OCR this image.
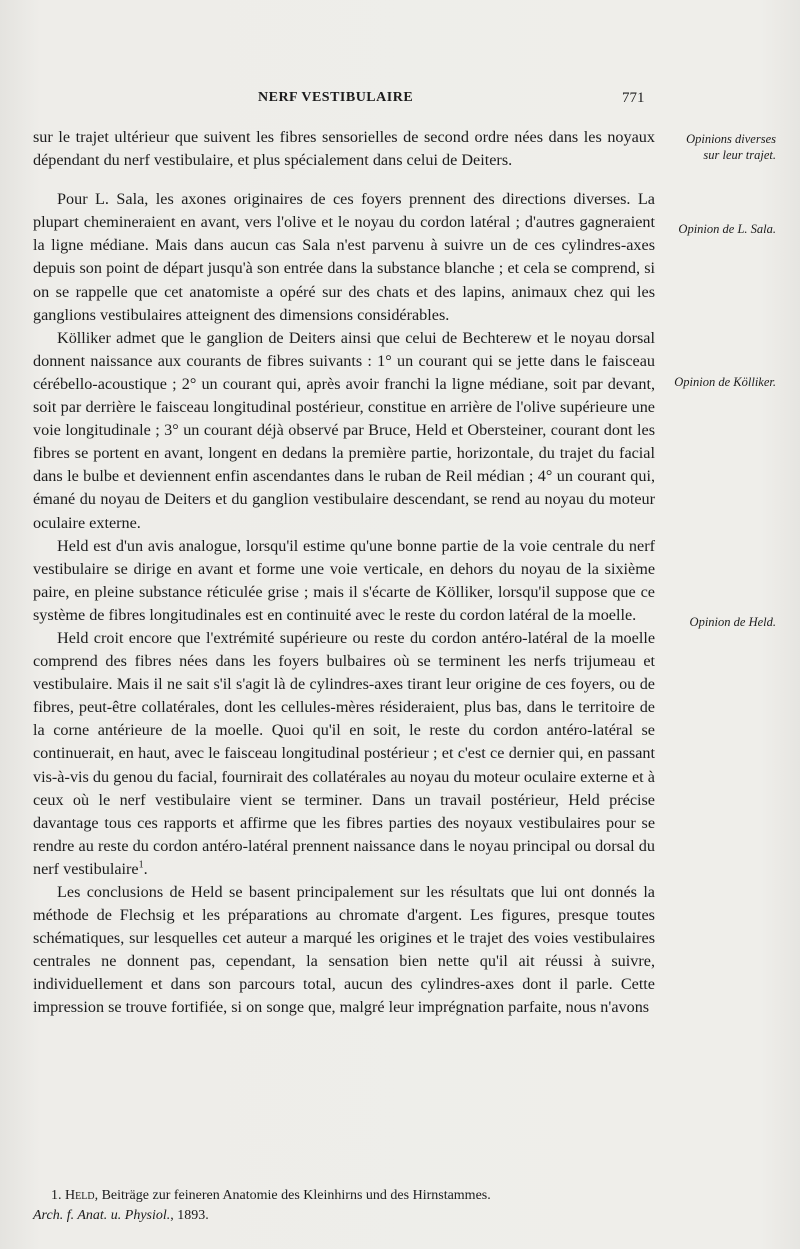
NERF VESTIBULAIRE	771

sur le trajet ultérieur que suivent les fibres sensorielles de second ordre nées dans les noyaux dépendant du nerf vestibulaire, et plus spécialement dans celui de Deiters.

Pour L. Sala, les axones originaires de ces foyers prennent des directions diverses. La plupart chemineraient en avant, vers l'olive et le noyau du cordon latéral ; d'autres gagneraient la ligne médiane. Mais dans aucun cas Sala n'est parvenu à suivre un de ces cylindres-axes depuis son point de départ jusqu'à son entrée dans la substance blanche ; et cela se comprend, si on se rappelle que cet anatomiste a opéré sur des chats et des lapins, animaux chez qui les ganglions vestibulaires atteignent des dimensions considérables.

Kölliker admet que le ganglion de Deiters ainsi que celui de Bechterew et le noyau dorsal donnent naissance aux courants de fibres suivants : 1° un courant qui se jette dans le faisceau cérébello-acoustique ; 2° un courant qui, après avoir franchi la ligne médiane, soit par devant, soit par derrière le faisceau longitudinal postérieur, constitue en arrière de l'olive supérieure une voie longitudinale ; 3° un courant déjà observé par Bruce, Held et Obersteiner, courant dont les fibres se portent en avant, longent en dedans la première partie, horizontale, du trajet du facial dans le bulbe et deviennent enfin ascendantes dans le ruban de Reil médian ; 4° un courant qui, émané du noyau de Deiters et du ganglion vestibulaire descendant, se rend au noyau du moteur oculaire externe.

Held est d'un avis analogue, lorsqu'il estime qu'une bonne partie de la voie centrale du nerf vestibulaire se dirige en avant et forme une voie verticale, en dehors du noyau de la sixième paire, en pleine substance réticulée grise ; mais il s'écarte de Kölliker, lorsqu'il suppose que ce système de fibres longitudinales est en continuité avec le reste du cordon latéral de la moelle.

Held croit encore que l'extrémité supérieure ou reste du cordon antéro-latéral de la moelle comprend des fibres nées dans les foyers bulbaires où se terminent les nerfs trijumeau et vestibulaire. Mais il ne sait s'il s'agit là de cylindres-axes tirant leur origine de ces foyers, ou de fibres, peut-être collatérales, dont les cellules-mères résideraient, plus bas, dans le territoire de la corne antérieure de la moelle. Quoi qu'il en soit, le reste du cordon antéro-latéral se continuerait, en haut, avec le faisceau longitudinal postérieur ; et c'est ce dernier qui, en passant vis-à-vis du genou du facial, fournirait des collatérales au noyau du moteur oculaire externe et à ceux où le nerf vestibulaire vient se terminer. Dans un travail postérieur, Held précise davantage tous ces rapports et affirme que les fibres parties des noyaux vestibulaires pour se rendre au reste du cordon antéro-latéral prennent naissance dans le noyau principal ou dorsal du nerf vestibulaire$^1$.

Les conclusions de Held se basent principalement sur les résultats que lui ont donnés la méthode de Flechsig et les préparations au chromate d'argent. Les figures, presque toutes schématiques, sur lesquelles cet auteur a marqué les origines et le trajet des voies vestibulaires centrales ne donnent pas, cependant, la sensation bien nette qu'il ait réussi à suivre, individuellement et dans son parcours total, aucun des cylindres-axes dont il parle. Cette impression se trouve fortifiée, si on songe que, malgré leur imprégnation parfaite, nous n'avons

Opinions diverses sur leur trajet.
Opinion de L. Sala.
Opinion de Kölliker.
Opinion de Held.
1. Held, Beiträge zur feineren Anatomie des Kleinhirns und des Hirnstammes.
Arch. f. Anat. u. Physiol., 1893.
